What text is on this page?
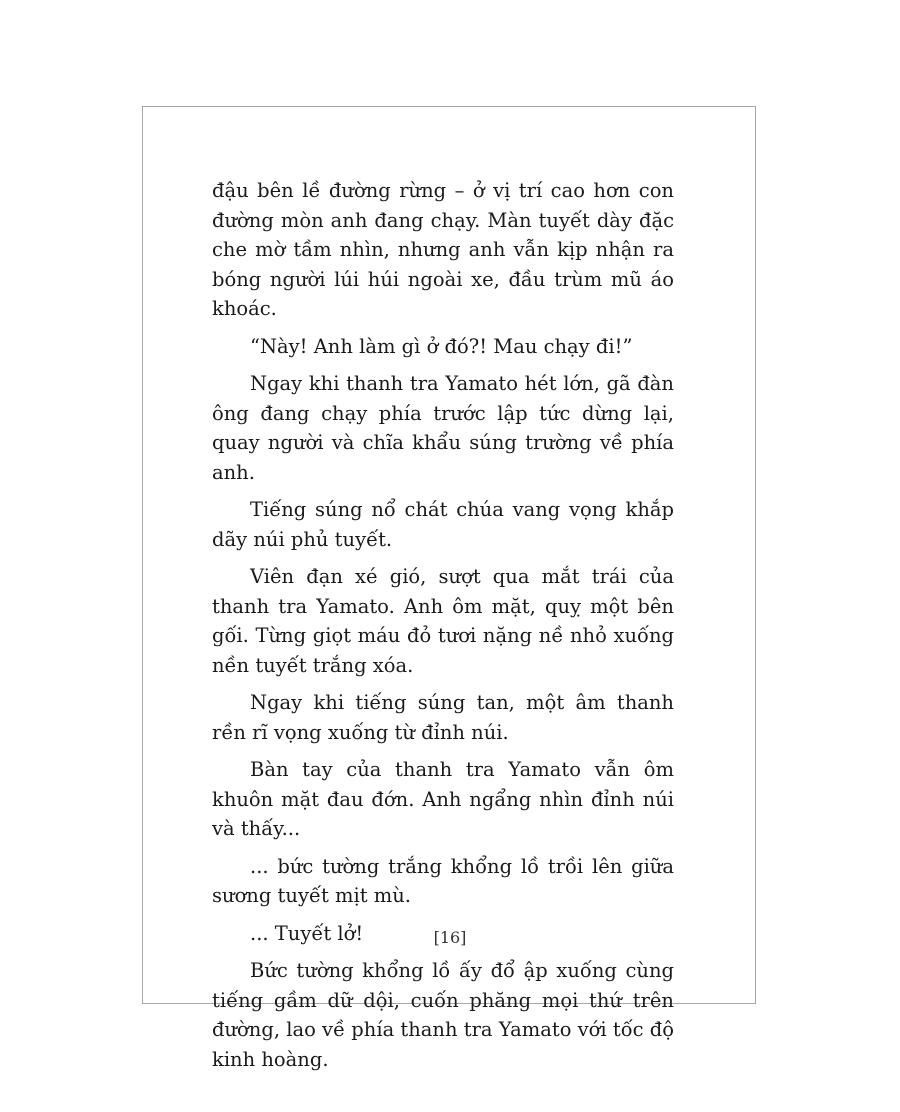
đậu bên lề đường rừng – ở vị trí cao hơn con đường mòn anh đang chạy. Màn tuyết dày đặc che mờ tầm nhìn, nhưng anh vẫn kịp nhận ra bóng người lúi húi ngoài xe, đầu trùm mũ áo khoác.

“Này! Anh làm gì ở đó?! Mau chạy đi!”

Ngay khi thanh tra Yamato hét lớn, gã đàn ông đang chạy phía trước lập tức dừng lại, quay người và chĩa khẩu súng trường về phía anh.

Tiếng súng nổ chát chúa vang vọng khắp dãy núi phủ tuyết.

Viên đạn xé gió, sượt qua mắt trái của thanh tra Yamato. Anh ôm mặt, quỵ một bên gối. Từng giọt máu đỏ tươi nặng nề nhỏ xuống nền tuyết trắng xóa.

Ngay khi tiếng súng tan, một âm thanh rền rĩ vọng xuống từ đỉnh núi.

Bàn tay của thanh tra Yamato vẫn ôm khuôn mặt đau đớn. Anh ngẩng nhìn đỉnh núi và thấy...

... bức tường trắng khổng lồ trồi lên giữa sương tuyết mịt mù.

... Tuyết lở!

Bức tường khổng lồ ấy đổ ập xuống cùng tiếng gầm dữ dội, cuốn phăng mọi thứ trên đường, lao về phía thanh tra Yamato với tốc độ kinh hoàng.

[16]
